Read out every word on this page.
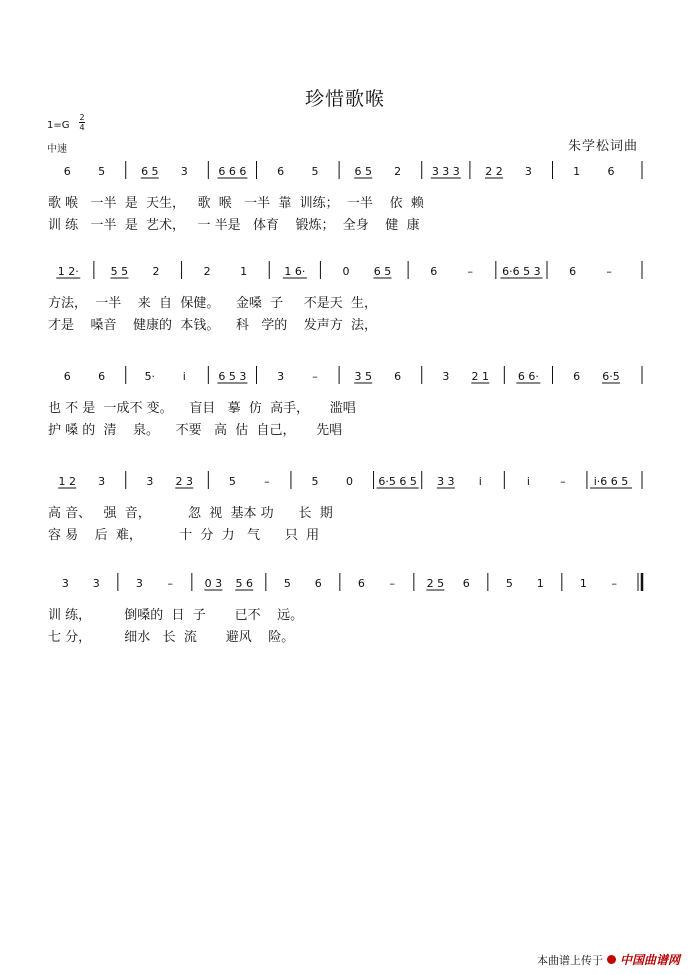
珍惜歌喉
1=G
2
4
中速	朱学松词曲
6 5	6 5 3	6 6 6	6 5	6 5 2	3 3 3 2 2 3	1 6
歌 喉   一半  是  天生，   歌  喉   一半  靠  训练；  一半    依  赖
训 练   一半  是  艺术，   一 半是   体育    锻炼；  全身    健  康
1 2·	5 5 2	2	1	1 6·	0 6 5	6	–	6·6 5 3	6	–
方法，  一半    来  自  保健。    金嗓  子     不是天  生，
才是    嗓音    健康的  本钱。    科   学的    发声方  法，
6 6	5·	i	6 5 3	3	–	3 5 6	3 2 1	6 6·	6 6·5
也 不 是  一成不 变。    盲目   摹  仿  高手，     滥唱
护 嗓 的  清    泉。    不要   高  估  自己，     先唱
1 2 3	3 2 3	5	–	5 0 6·5 6 5 3 3 i	i	–	i·6 6 5
高 音、   强  音，         忽  视  基本 功      长  期
容 易    后  难，         十  分  力   气      只  用
3 3	3 –	0 3 5 6	5 6	6 –	2 5 6	5 1	1 –
训 练，        倒嗓的  日  子       已不    远。
七 分，        细水   长  流       避风    险。
本曲谱上传于 中国曲谱网
